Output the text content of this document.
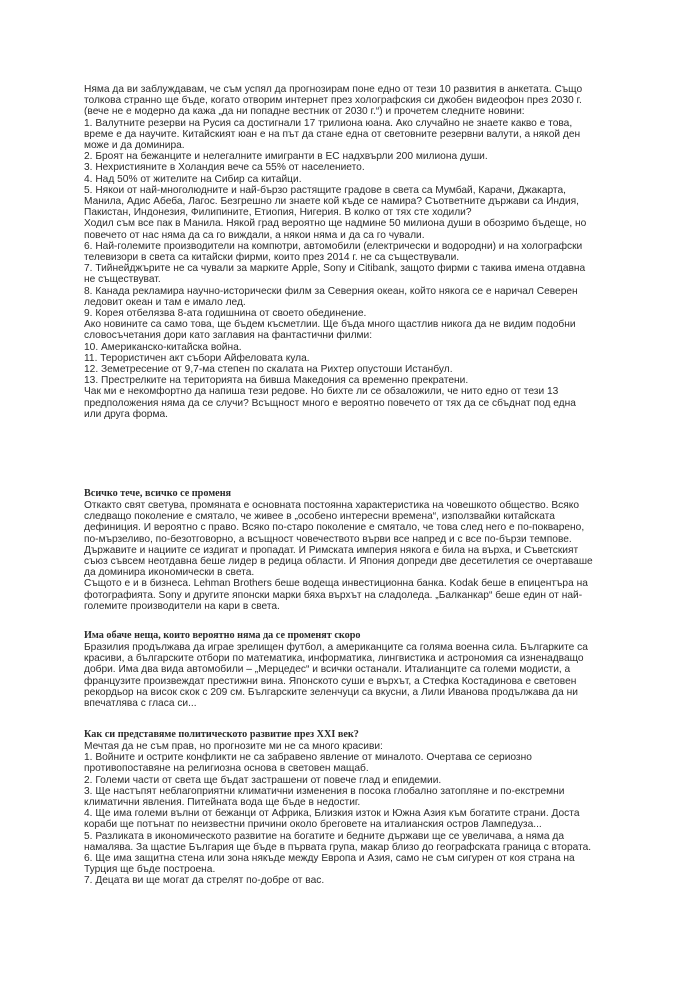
Няма да ви заблуждавам, че съм успял да прогнозирам поне едно от тези 10 развития в анкетата. Също

толкова странно ще бъде, когато отворим интернет през холографския си джобен видеофон през 2030 г.

(вече не е модерно да кажа „да ни попадне вестник от 2030 г.“) и прочетем следните новини:

1. Валутните резерви на Русия са достигнали 17 трилиона юана. Ако случайно не знаете какво е това,

време е да научите. Китайският юан е на път да стане една от световните резервни валути, а някой ден

може и да доминира.

2. Броят на бежанците и нелегалните имигранти в ЕС надхвърли 200 милиона души.

3. Нехристияните в Холандия вече са 55% от населението.

4. Над 50% от жителите на Сибир са китайци.

5. Някои от най-многолюдните и най-бързо растящите градове в света са Мумбай, Карачи, Джакарта,

Манила, Адис Абеба, Лагос. Безгрешно ли знаете кой къде се намира? Съответните държави са Индия,

Пакистан, Индонезия, Филипините, Етиопия, Нигерия. В колко от тях сте ходили?

Ходил съм все пак в Манила. Някой град вероятно ще надмине 50 милиона души в обозримо бъдеще, но

повечето от нас няма да са го виждали, а някои няма и да са го чували.

6. Най-големите производители на компютри, автомобили (електрически и водородни) и на холографски

телевизори в света са китайски фирми, които през 2014 г. не са съществували.

7. Тийнейджърите не са чували за марките Apple, Sony и Citibank, защото фирми с такива имена отдавна

не съществуват.

8. Канада рекламира научно-исторически филм за Северния океан, който някога се е наричал Северен

ледовит океан и там е имало лед.

9. Корея отбелязва 8-ата годишнина от своето обединение.

Ако новините са само това, ще бъдем късметлии. Ще бъда много щастлив никога да не видим подобни

словосъчетания дори като заглавия на фантастични филми:

10. Американско-китайска война.

11. Терористичен акт събори Айфеловата кула.

12. Земетресение от 9,7-ма степен по скалата на Рихтер опустоши Истанбул.

13. Престрелките на територията на бивша Македония са временно прекратени.

Чак ми е некомфортно да напиша тези редове. Но бихте ли се обзаложили, че нито едно от тези 13

предположения няма да се случи? Всъщност много е вероятно повечето от тях да се сбъднат под една

или друга форма.

Всичко тече, всичко се променя

Откакто свят светува, промяната е основната постоянна характеристика на човешкото общество. Всяко

следващо поколение е смятало, че живее в „особено интересни времена“, използвайки китайската

дефиниция. И вероятно с право. Всяко по-старо поколение е смятало, че това след него е по-покварено,

по-мързеливо, по-безотговорно, а всъщност човечеството върви все напред и с все по-бързи темпове.

Държавите и нациите се издигат и пропадат. И Римската империя някога е била на върха, и Съветският

съюз съвсем неотдавна беше лидер в редица области. И Япония допреди две десетилетия се очертаваше

да доминира икономически в света.

Същото е и в бизнеса. Lehman Brothers беше водеща инвестиционна банка. Kodak беше в епицентъра на

фотографията. Sony и другите японски марки бяха върхът на сладоледа. „Балканкар“ беше един от най-

големите производители на кари в света.

Има обаче неща, които вероятно няма да се променят скоро

Бразилия продължава да играе зрелищен футбол, а американците са голяма военна сила. Българките са

красиви, а българските отбори по математика, информатика, лингвистика и астрономия са изненадващо

добри. Има два вида автомобили – „Мерцедес“ и всички останали. Италианците са големи модисти, а

французите произвеждат престижни вина. Японското суши е върхът, а Стефка Костадинова е световен

рекордьор на висок скок с 209 см. Българските зеленчуци са вкусни, а Лили Иванова продължава да ни

впечатлява с гласа си...

Как си представяме политическото развитие през XXI век?

Мечтая да не съм прав, но прогнозите ми не са много красиви:

1. Войните и острите конфликти не са забравено явление от миналото. Очертава се сериозно

противопоставяне на религиозна основа в световен мащаб.

2. Големи части от света ще бъдат застрашени от повече глад и епидемии.

3. Ще настъпят неблагоприятни климатични изменения в посока глобално затопляне и по-екстремни

климатични явления. Питейната вода ще бъде в недостиг.

4. Ще има големи вълни от бежанци от Африка, Близкия изток и Южна Азия към богатите страни. Доста

кораби ще потънат по неизвестни причини около бреговете на италианския остров Лампедуза...

5. Разликата в икономическото развитие на богатите и бедните държави ще се увеличава, а няма да

намалява. За щастие България ще бъде в първата група, макар близо до географската граница с втората.

6. Ще има защитна стена или зона някъде между Европа и Азия, само не съм сигурен от коя страна на

Турция ще бъде построена.

7. Децата ви ще могат да стрелят по-добре от вас.
